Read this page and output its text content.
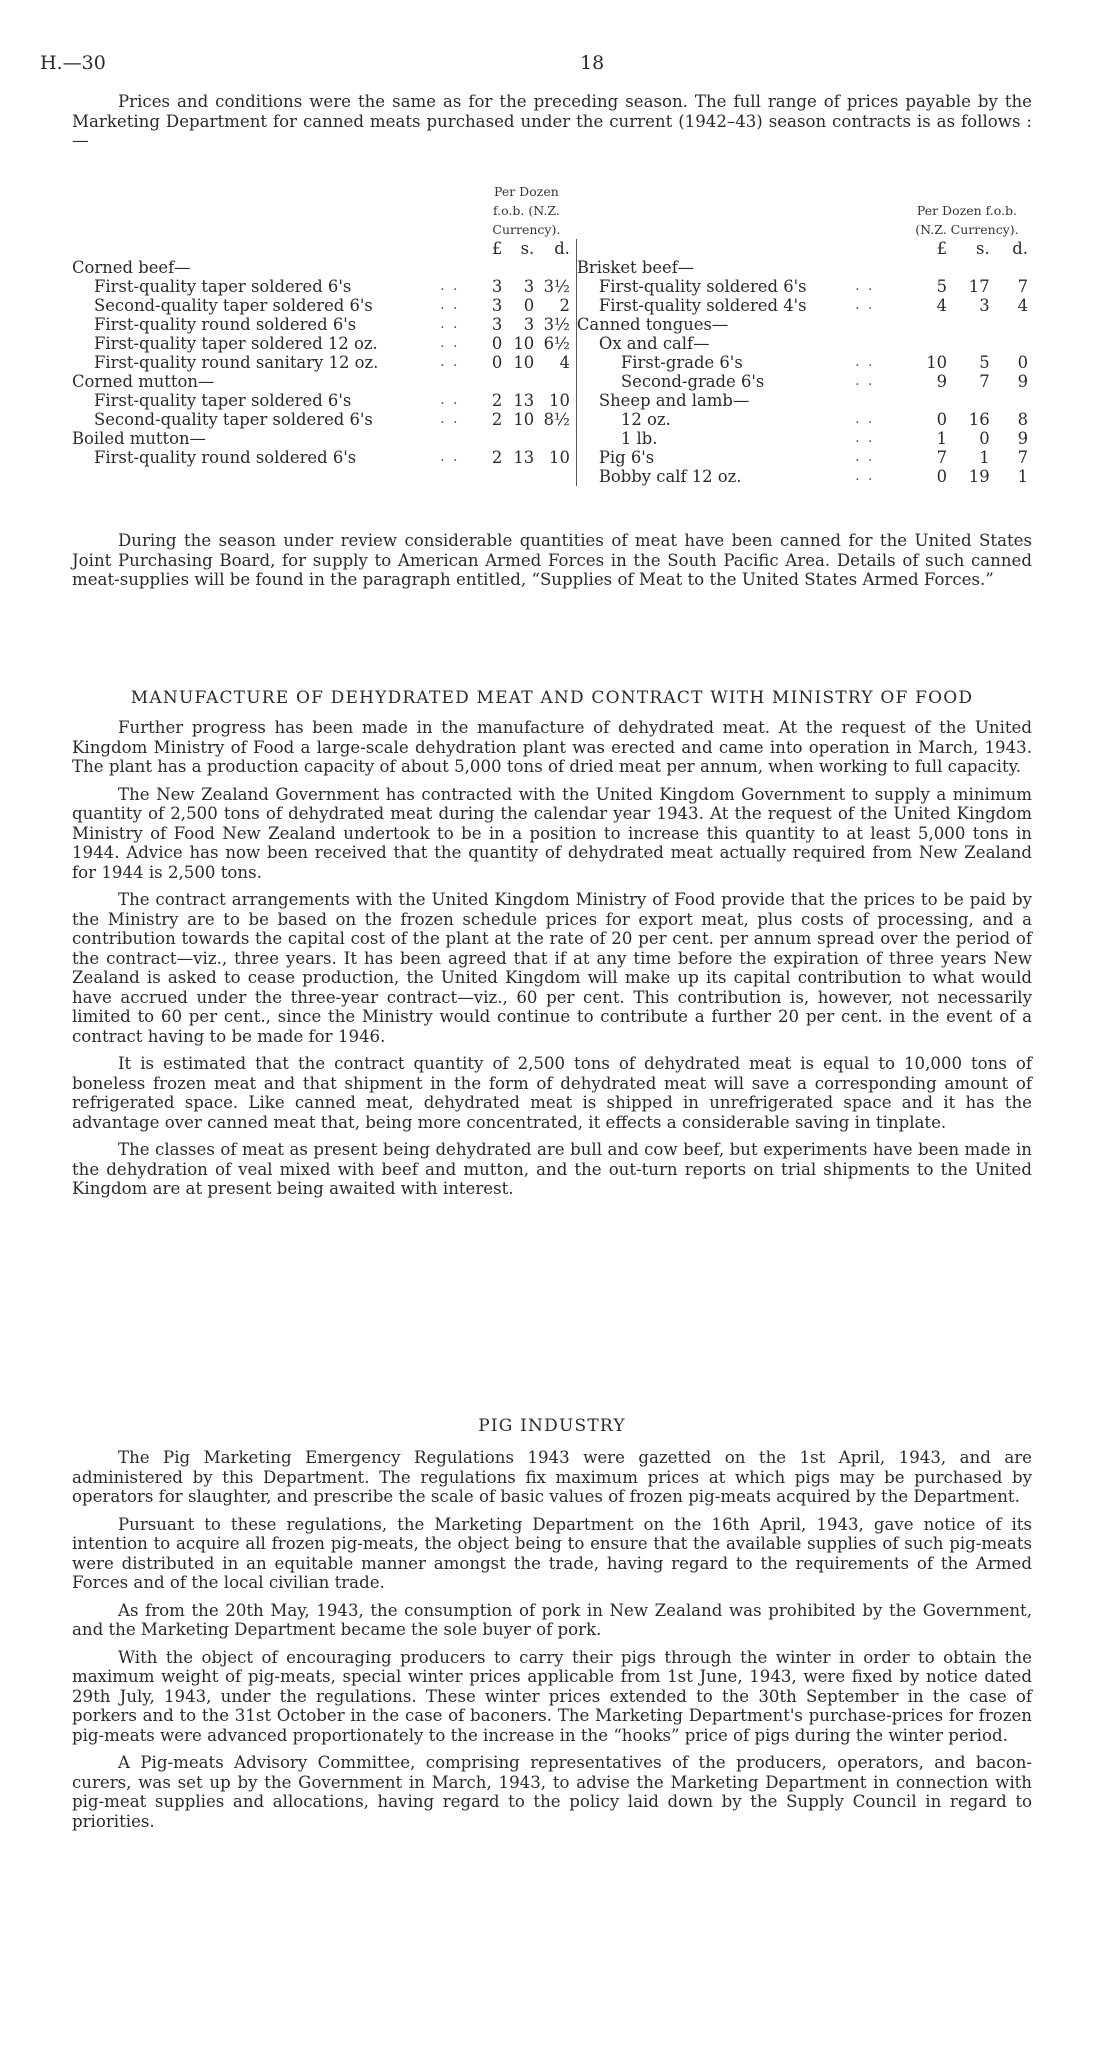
H.—30	18

Prices and conditions were the same as for the preceding season. The full range of prices payable by the Marketing Department for canned meats purchased under the current (1942–43) season contracts is as follows :—

		Per Dozen f.o.b. (N.Z. Currency).					Per Dozen f.o.b. (N.Z. Currency).		
		£	s.	d.			£	s.	d.
Corned beef—					Brisket beef—				
First-quality taper soldered 6's	. .	3	3	3½	First-quality soldered 6's	. .	5	17	7
Second-quality taper soldered 6's	. .	3	0	2	First-quality soldered 4's	. .	4	3	4
First-quality round soldered 6's	. .	3	3	3½	Canned tongues—				
First-quality taper soldered 12 oz.	. .	0	10	6½	Ox and calf—				
First-quality round sanitary 12 oz.	. .	0	10	4	First-grade 6's	. .	10	5	0
Corned mutton—					Second-grade 6's	. .	9	7	9
First-quality taper soldered 6's	. .	2	13	10	Sheep and lamb—				
Second-quality taper soldered 6's	. .	2	10	8½	12 oz.	. .	0	16	8
Boiled mutton—					1 lb.	. .	1	0	9
First-quality round soldered 6's	. .	2	13	10	Pig 6's	. .	7	1	7
					Bobby calf 12 oz.	. .	0	19	1

During the season under review considerable quantities of meat have been canned for the United States Joint Purchasing Board, for supply to American Armed Forces in the South Pacific Area. Details of such canned meat-supplies will be found in the paragraph entitled, “Supplies of Meat to the United States Armed Forces.”

MANUFACTURE OF DEHYDRATED MEAT AND CONTRACT WITH MINISTRY OF FOOD

Further progress has been made in the manufacture of dehydrated meat. At the request of the United Kingdom Ministry of Food a large-scale dehydration plant was erected and came into operation in March, 1943. The plant has a production capacity of about 5,000 tons of dried meat per annum, when working to full capacity.

The New Zealand Government has contracted with the United Kingdom Government to supply a minimum quantity of 2,500 tons of dehydrated meat during the calendar year 1943. At the request of the United Kingdom Ministry of Food New Zealand undertook to be in a position to increase this quantity to at least 5,000 tons in 1944. Advice has now been received that the quantity of dehydrated meat actually required from New Zealand for 1944 is 2,500 tons.

The contract arrangements with the United Kingdom Ministry of Food provide that the prices to be paid by the Ministry are to be based on the frozen schedule prices for export meat, plus costs of processing, and a contribution towards the capital cost of the plant at the rate of 20 per cent. per annum spread over the period of the contract—viz., three years. It has been agreed that if at any time before the expiration of three years New Zealand is asked to cease production, the United Kingdom will make up its capital contribution to what would have accrued under the three-year contract—viz., 60 per cent. This contribution is, however, not necessarily limited to 60 per cent., since the Ministry would continue to contribute a further 20 per cent. in the event of a contract having to be made for 1946.

It is estimated that the contract quantity of 2,500 tons of dehydrated meat is equal to 10,000 tons of boneless frozen meat and that shipment in the form of dehydrated meat will save a corresponding amount of refrigerated space. Like canned meat, dehydrated meat is shipped in unrefrigerated space and it has the advantage over canned meat that, being more concentrated, it effects a considerable saving in tinplate.

The classes of meat as present being dehydrated are bull and cow beef, but experiments have been made in the dehydration of veal mixed with beef and mutton, and the out-turn reports on trial shipments to the United Kingdom are at present being awaited with interest.

PIG INDUSTRY

The Pig Marketing Emergency Regulations 1943 were gazetted on the 1st April, 1943, and are administered by this Department. The regulations fix maximum prices at which pigs may be purchased by operators for slaughter, and prescribe the scale of basic values of frozen pig-meats acquired by the Department.

Pursuant to these regulations, the Marketing Department on the 16th April, 1943, gave notice of its intention to acquire all frozen pig-meats, the object being to ensure that the available supplies of such pig-meats were distributed in an equitable manner amongst the trade, having regard to the requirements of the Armed Forces and of the local civilian trade.

As from the 20th May, 1943, the consumption of pork in New Zealand was prohibited by the Government, and the Marketing Department became the sole buyer of pork.

With the object of encouraging producers to carry their pigs through the winter in order to obtain the maximum weight of pig-meats, special winter prices applicable from 1st June, 1943, were fixed by notice dated 29th July, 1943, under the regulations. These winter prices extended to the 30th September in the case of porkers and to the 31st October in the case of baconers. The Marketing Department's purchase-prices for frozen pig-meats were advanced proportionately to the increase in the “hooks” price of pigs during the winter period.

A Pig-meats Advisory Committee, comprising representatives of the producers, operators, and bacon-curers, was set up by the Government in March, 1943, to advise the Marketing Department in connection with pig-meat supplies and allocations, having regard to the policy laid down by the Supply Council in regard to priorities.
